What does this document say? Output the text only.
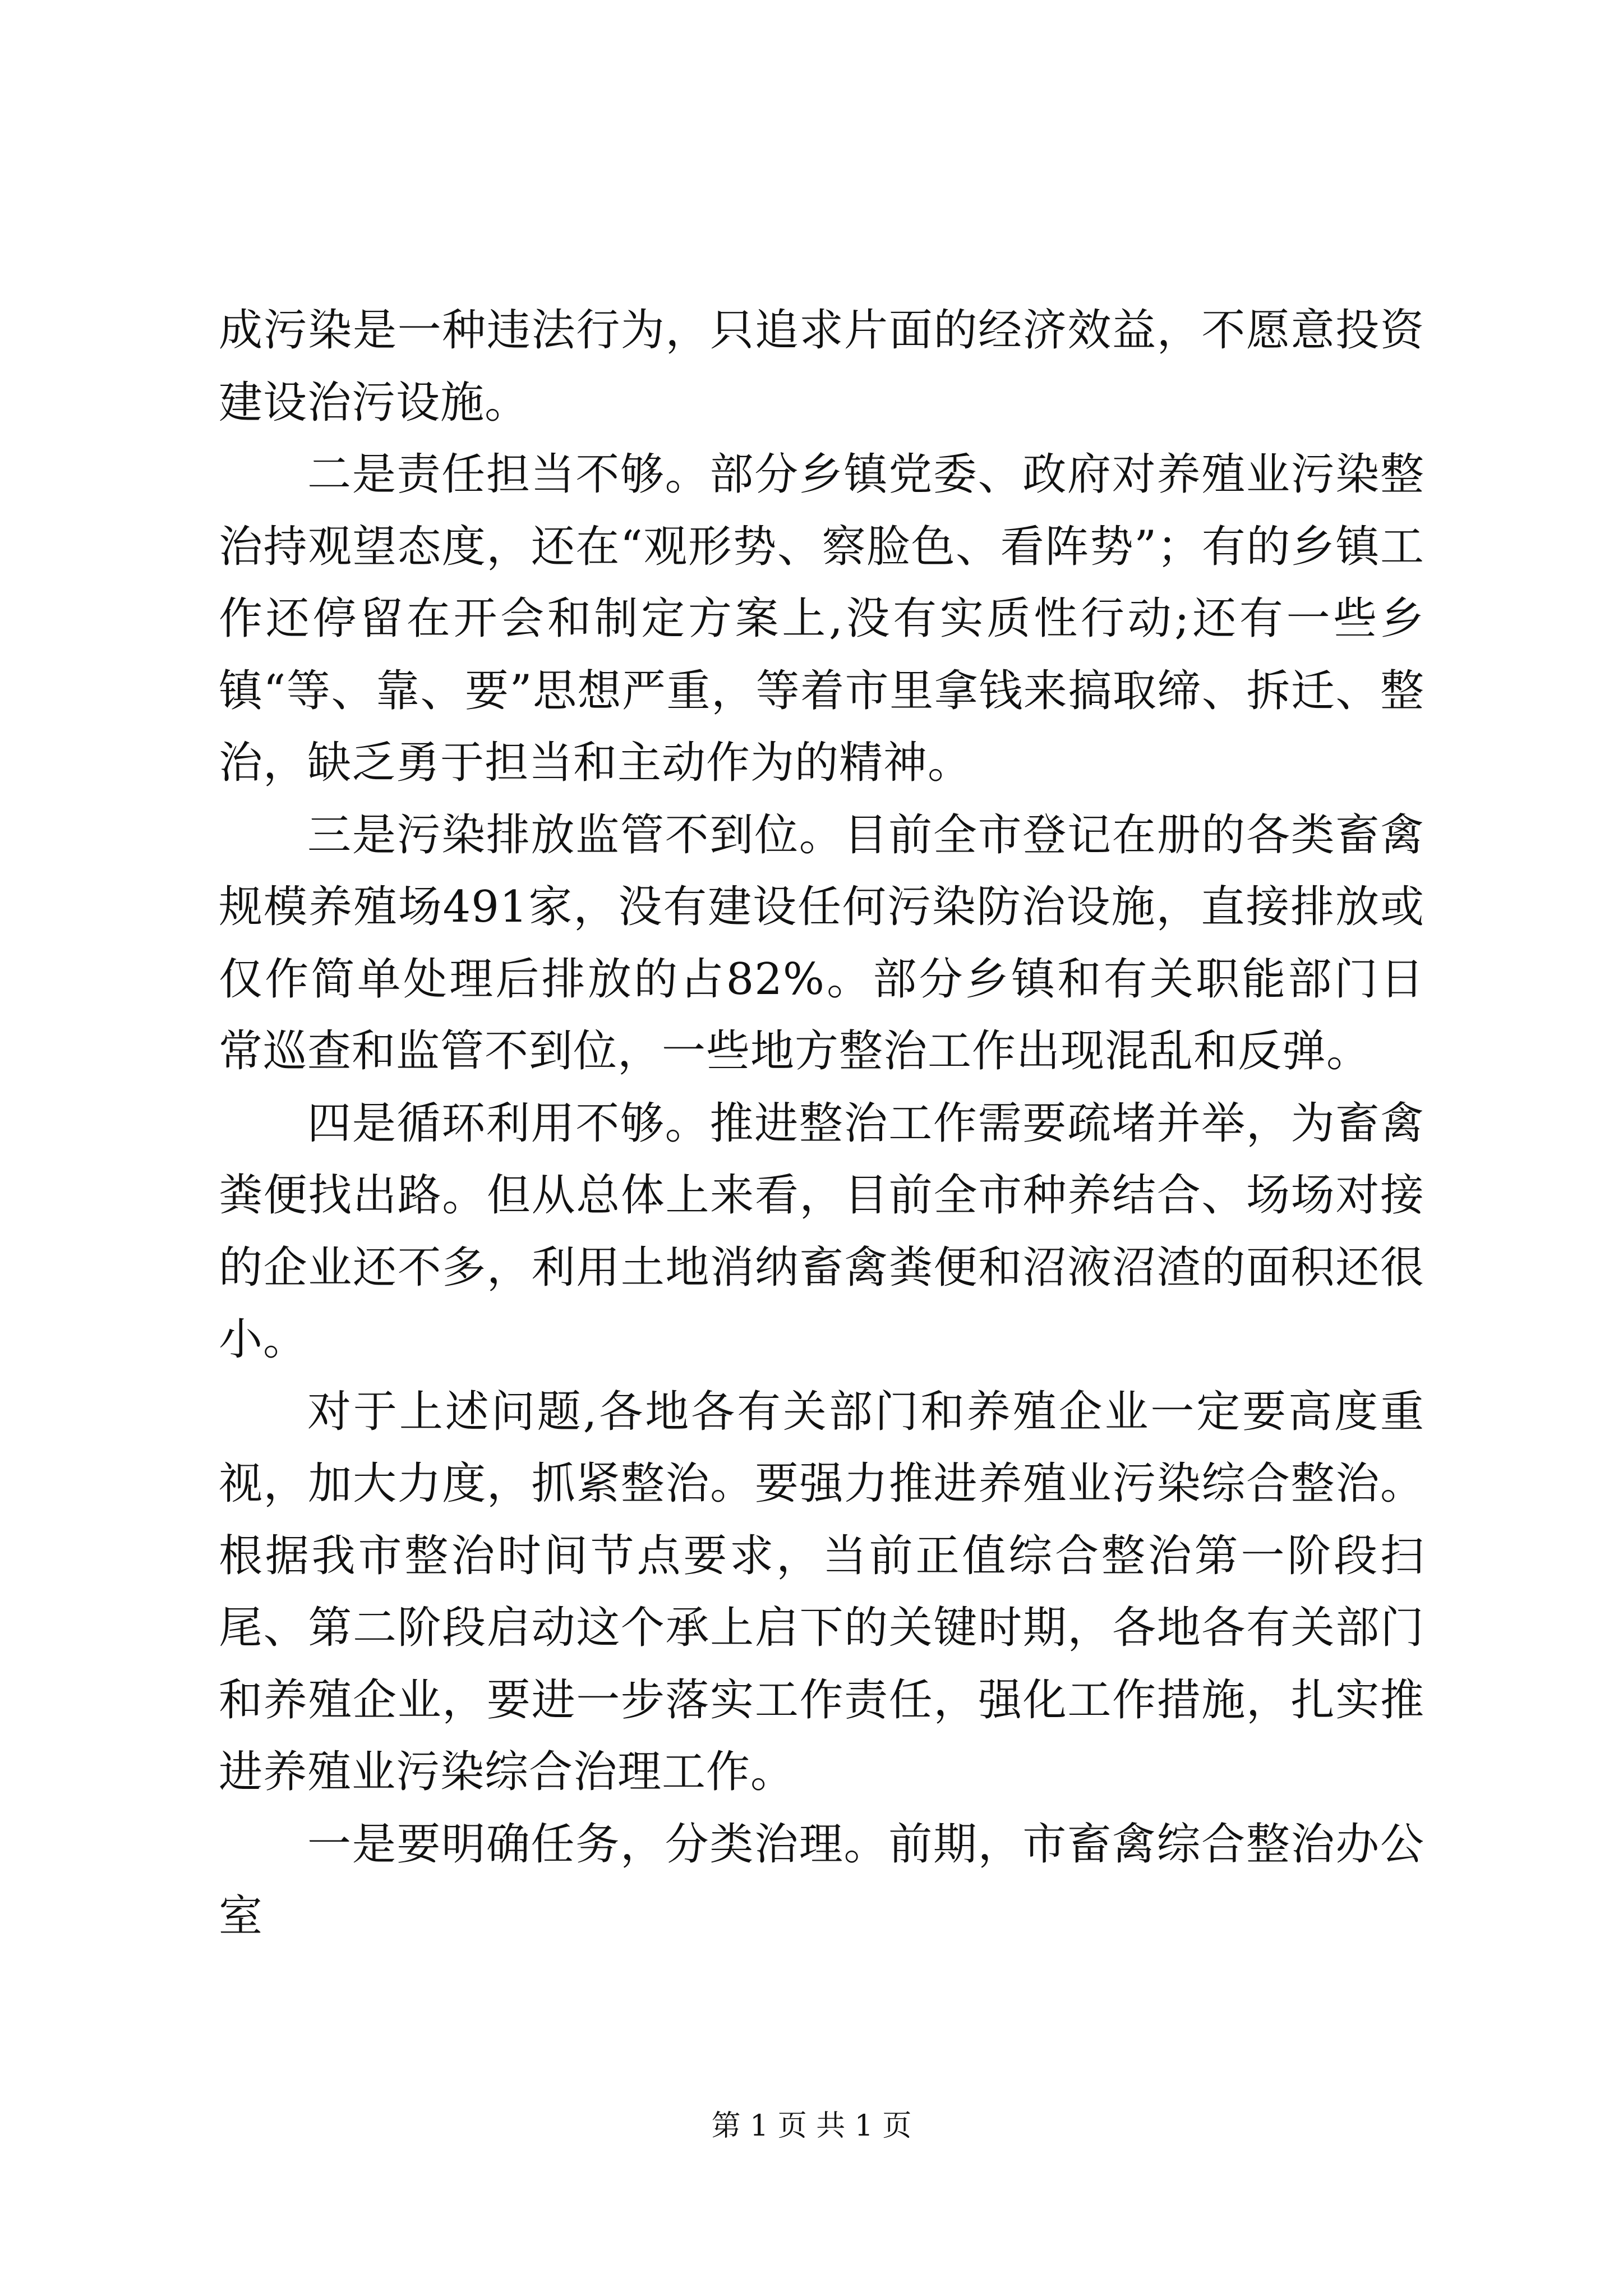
成污染是一种违法行为，只追求片面的经济效益，不愿意投资建设治污设施。

二是责任担当不够。部分乡镇党委、政府对养殖业污染整治持观望态度，还在“观形势、察脸色、看阵势”；有的乡镇工作还停留在开会和制定方案上,没有实质性行动;还有一些乡镇“等、靠、要”思想严重，等着市里拿钱来搞取缔、拆迁、整治，缺乏勇于担当和主动作为的精神。

三是污染排放监管不到位。目前全市登记在册的各类畜禽规模养殖场491家，没有建设任何污染防治设施，直接排放或仅作简单处理后排放的占82%。部分乡镇和有关职能部门日常巡查和监管不到位，一些地方整治工作出现混乱和反弹。

四是循环利用不够。推进整治工作需要疏堵并举，为畜禽粪便找出路。但从总体上来看，目前全市种养结合、场场对接的企业还不多，利用土地消纳畜禽粪便和沼液沼渣的面积还很小。

对于上述问题,各地各有关部门和养殖企业一定要高度重视，加大力度，抓紧整治。要强力推进养殖业污染综合整治。根据我市整治时间节点要求，当前正值综合整治第一阶段扫尾、第二阶段启动这个承上启下的关键时期，各地各有关部门和养殖企业，要进一步落实工作责任，强化工作措施，扎实推进养殖业污染综合治理工作。

一是要明确任务，分类治理。前期，市畜禽综合整治办公室

第 1 页 共 1 页
